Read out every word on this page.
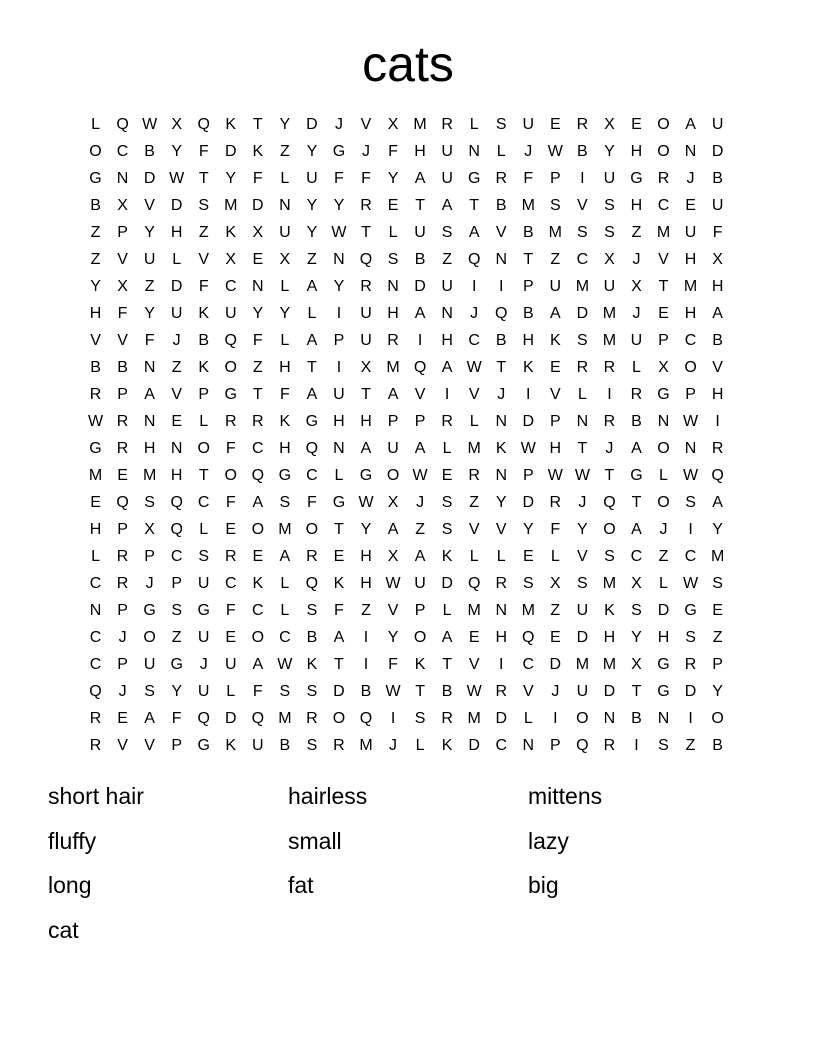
cats
L	Q W X Q K	T	Y D	J	V	X M R	L	S U E R X	E O A U
O C B	Y	F	D K	Z	Y G	J	F	H U N	L	J W B	Y H O N D
G N D W T	Y	F	L	U	F	F	Y	A U G R	F	P	I	U G R	J	B
B	X	V D S M D N Y	Y R E	T	A	T	B M S	V	S H C E U
Z	P	Y H	Z	K	X U Y W T	L	U S	A	V	B M S	S	Z M U	F
Z	V U	L	V	X	E	X	Z	N Q S	B	Z Q N	T	Z	C X	J	V H X
Y	X	Z	D	F	C N	L	A	Y R N D U	I	I	P U M U X	T M H
H	F	Y U K U Y	Y	L	I	U H A N	J	Q B	A D M	J	E H A
V	V	F	J	B Q F	L	A	P U R	I	H C B H K	S M U P C B
B	B N	Z	K O Z	H	T	I	X M Q A W T	K	E R R	L	X O V
R P	A	V	P G T	F	A U	T	A	V	I	V	J	I	V	L	I	R G P H
W R N E	L	R R K G H H P	P R	L	N D P N R B N W	I
G R H N O F	C H Q N A U A	L M K W H	T	J	A O N R
M E M H	T O Q G C	L	G O W E R N P W W T G	L W Q
E Q S Q C	F	A	S	F G W X	J	S	Z	Y D R	J	Q T O S	A
H P	X Q	L	E O M O T	Y	A	Z	S	V	V	Y	F	Y O A	J	I	Y
L	R P C S R E	A R E H X	A	K	L	L	E	L	V	S C	Z	C M
C R	J	P U C K	L	Q K H W U D Q R S	X	S M X	L W S
N P G S G F	C	L	S	F	Z	V	P	L M N M Z	U K	S D G E
C	J	O Z	U E O C B	A	I	Y O A	E H Q E D H Y H S	Z
C P U G	J	U A W K	T	I	F	K	T	V	I	C D M M X G R P
Q	J	S	Y U	L	F	S	S D B W T	B W R V	J	U D	T G D Y
R E	A	F Q D Q M R O Q	I	S R M D	L	I	O N B N	I	O
R V	V	P G K U B	S R M	J	L	K D C N P Q R	I	S	Z	B
short hair	hairless	mittens
fluffy	small	lazy
long	fat	big
cat
